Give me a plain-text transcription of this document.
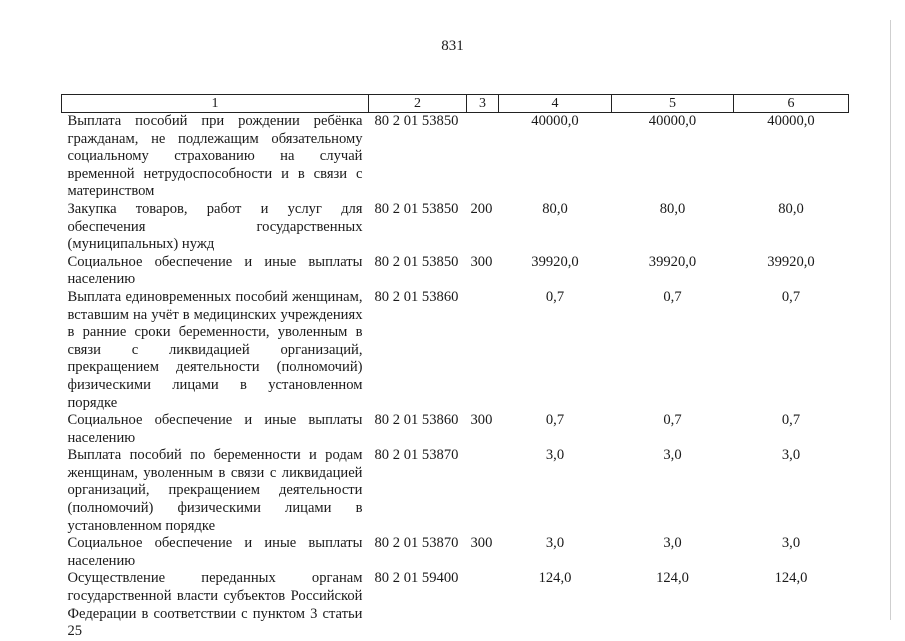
831
1	2	3	4	5	6
Выплата пособий при рождении ребёнка гражданам, не подлежащим обязательному социальному страхованию на случай временной нетрудоспособности и в связи с материнством	80 2 01 53850		40000,0	40000,0	40000,0
Закупка товаров, работ и услуг для обеспечения государственных (муниципальных) нужд	80 2 01 53850	200	80,0	80,0	80,0
Социальное обеспечение и иные выплаты населению	80 2 01 53850	300	39920,0	39920,0	39920,0
Выплата единовременных пособий женщинам, вставшим на учёт в медицинских учреждениях в ранние сроки беременности, уволенным в связи с ликвидацией организаций, прекращением деятельности (полномочий) физическими лицами в установленном порядке	80 2 01 53860		0,7	0,7	0,7
Социальное обеспечение и иные выплаты населению	80 2 01 53860	300	0,7	0,7	0,7
Выплата пособий по беременности и родам женщинам, уволенным в связи с ликвидацией организаций, прекращением деятельности (полномочий) физическими лицами в установленном порядке	80 2 01 53870		3,0	3,0	3,0
Социальное обеспечение и иные выплаты населению	80 2 01 53870	300	3,0	3,0	3,0
Осуществление переданных органам государственной власти субъектов Российской Федерации в соответствии с пунктом 3 статьи 25	80 2 01 59400		124,0	124,0	124,0
